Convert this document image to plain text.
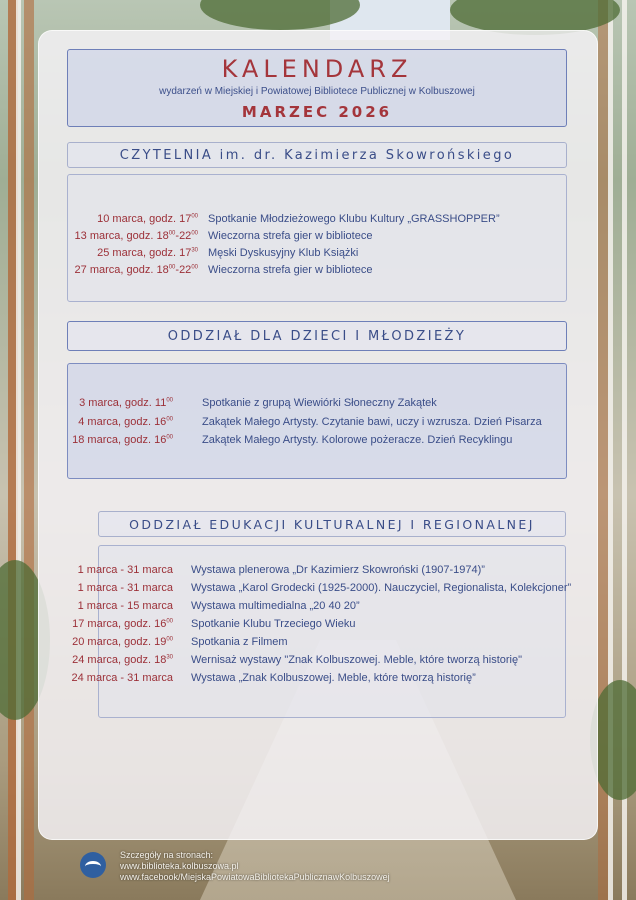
KALENDARZ
wydarzeń w Miejskiej i Powiatowej Bibliotece Publicznej w Kolbuszowej
MARZEC 2026
CZYTELNIA im. dr. Kazimierza Skowrońskiego
10 marca, godz. $17^{00}$ Spotkanie Młodzieżowego Klubu Kultury „GRASSHOPPER”
13 marca, godz. $18^{00}-22^{00}$ Wieczorna strefa gier w bibliotece
25 marca, godz. $17^{30}$ Męski Dyskusyjny Klub Książki
27 marca, godz. $18^{00}-22^{00}$ Wieczorna strefa gier w bibliotece
ODDZIAŁ DLA DZIECI I MŁODZIEŻY
3 marca, godz. $11^{00}$	Spotkanie z grupą Wiewiórki Słoneczny Zakątek
4 marca, godz. $16^{00}$	Zakątek Małego Artysty. Czytanie bawi, uczy i wzrusza. Dzień Pisarza
18 marca, godz. $16^{00}$	Zakątek Małego Artysty. Kolorowe pożeracze. Dzień Recyklingu
ODDZIAŁ EDUKACJI KULTURALNEJ I REGIONALNEJ
1 marca - 31 marca Wystawa plenerowa „Dr Kazimierz Skowroński (1907-1974)”
1 marca - 31 marca Wystawa „Karol Grodecki (1925-2000). Nauczyciel, Regionalista, Kolekcjoner”
1 marca - 15 marca Wystawa multimedialna „20 40 20”
17 marca, godz. $16^{00}$ Spotkanie Klubu Trzeciego Wieku
20 marca, godz. $19^{00}$ Spotkania z Filmem
24 marca, godz. $18^{30}$ Wernisaż wystawy "Znak Kolbuszowej. Meble, które tworzą historię"
24 marca - 31 marca Wystawa „Znak Kolbuszowej. Meble, które tworzą historię”
Szczegóły na stronach:
www.biblioteka.kolbuszowa.pl
www.facebook/MiejskaPowiatowaBibliotekaPublicznawKolbuszowej
